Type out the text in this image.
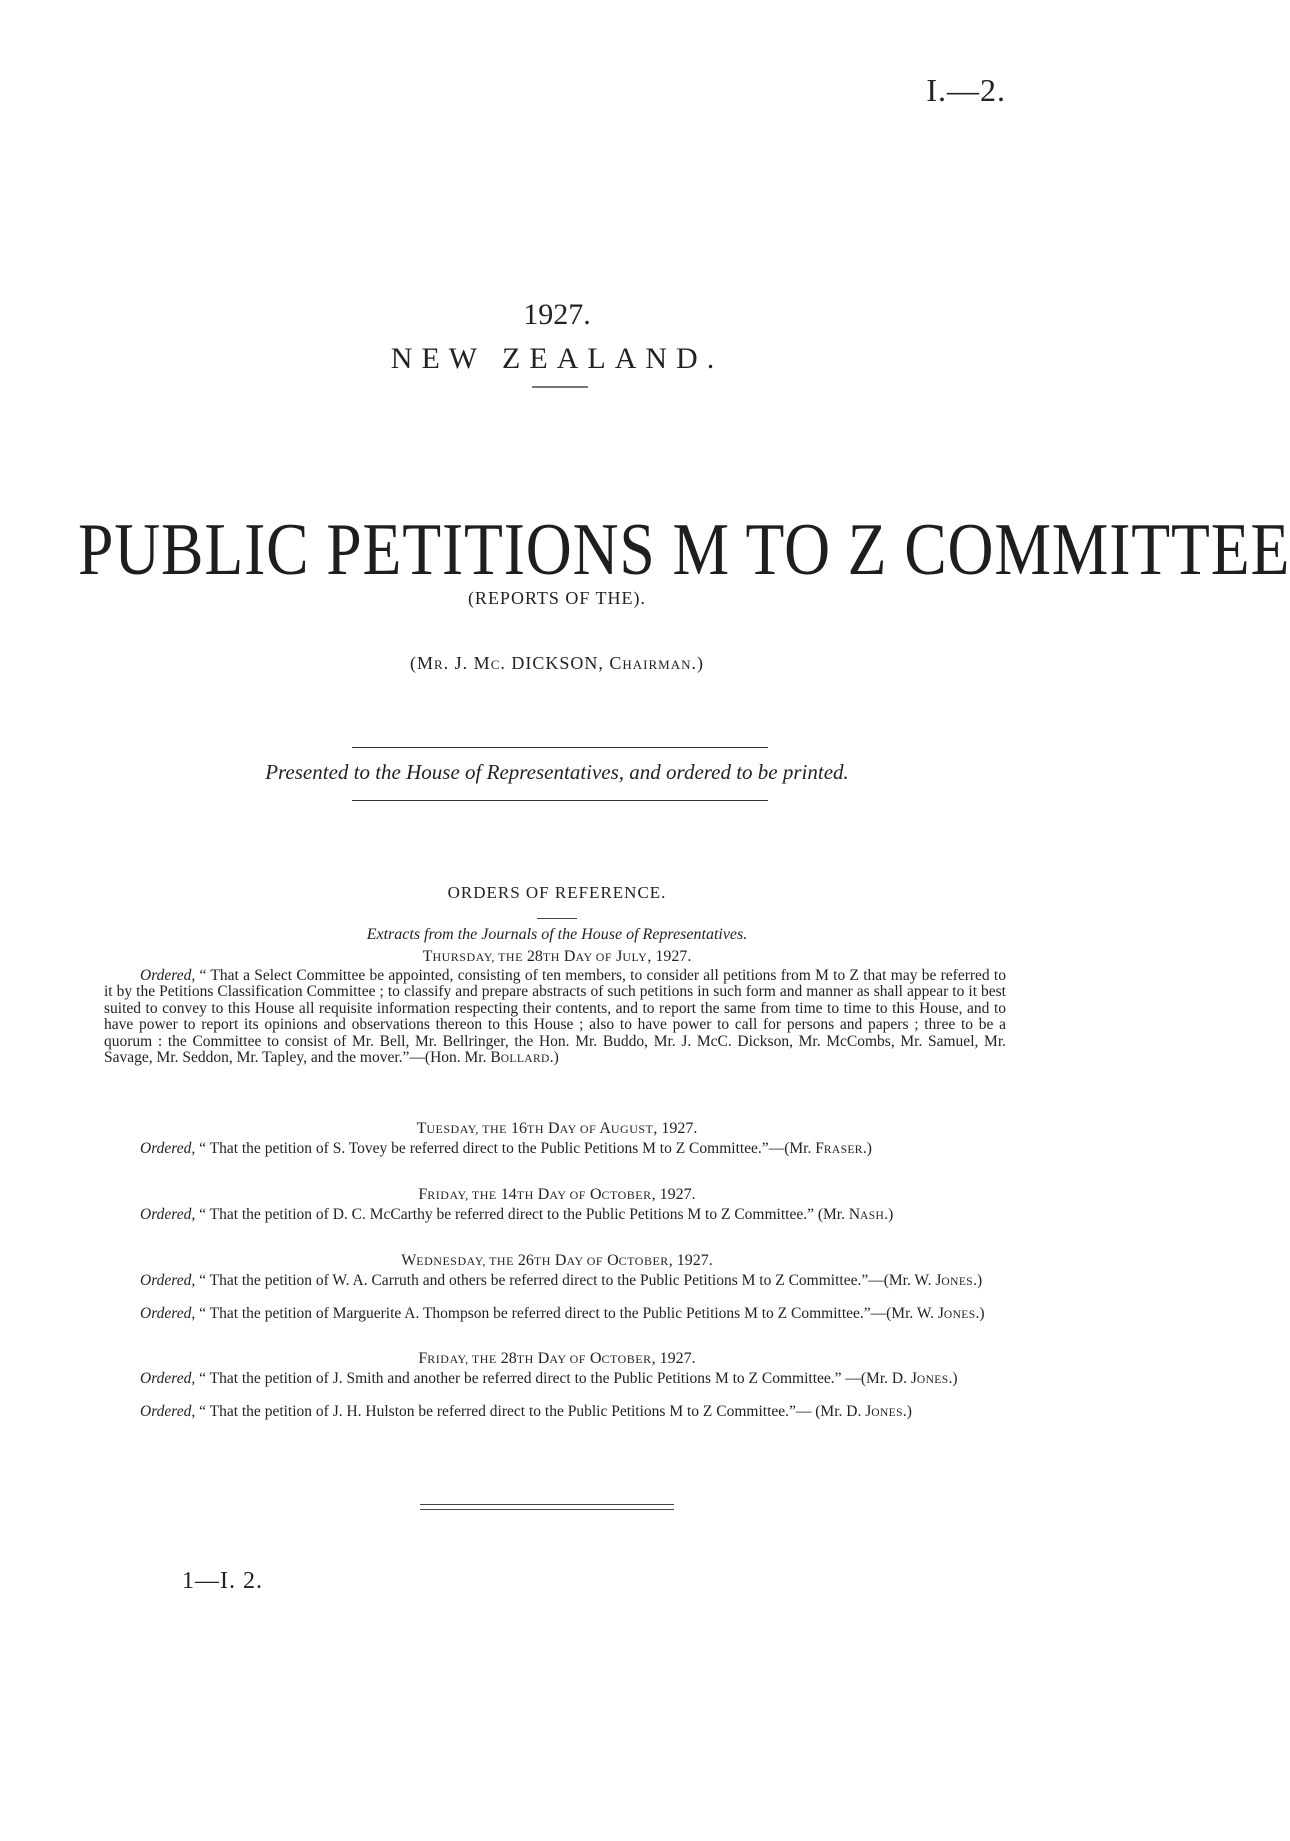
I.—2.
1927.
NEW ZEALAND.
PUBLIC PETITIONS M TO Z COMMITTEE
(REPORTS OF THE).
(MR. J. MC. DICKSON, CHAIRMAN.)
Presented to the House of Representatives, and ordered to be printed.
ORDERS OF REFERENCE.
Extracts from the Journals of the House of Representatives.
THURSDAY, THE 28TH DAY OF JULY, 1927.
Ordered, “ That a Select Committee be appointed, consisting of ten members, to consider all petitions from M to Z that may be referred to it by the Petitions Classification Committee ; to classify and prepare abstracts of such petitions in such form and manner as shall appear to it best suited to convey to this House all requisite information respecting their contents, and to report the same from time to time to this House, and to have power to report its opinions and observations thereon to this House ; also to have power to call for persons and papers ; three to be a quorum : the Committee to consist of Mr. Bell, Mr. Bellringer, the Hon. Mr. Buddo, Mr. J. McC. Dickson, Mr. McCombs, Mr. Samuel, Mr. Savage, Mr. Seddon, Mr. Tapley, and the mover.”—(Hon. Mr. BOLLARD.)
TUESDAY, THE 16TH DAY OF AUGUST, 1927.
Ordered, “ That the petition of S. Tovey be referred direct to the Public Petitions M to Z Committee.”—(Mr. FRASER.)
FRIDAY, THE 14TH DAY OF OCTOBER, 1927.
Ordered, “ That the petition of D. C. McCarthy be referred direct to the Public Petitions M to Z Committee.” (Mr. NASH.)
WEDNESDAY, THE 26TH DAY OF OCTOBER, 1927.
Ordered, “ That the petition of W. A. Carruth and others be referred direct to the Public Petitions M to Z Committee.”—(Mr. W. JONES.)
Ordered, “ That the petition of Marguerite A. Thompson be referred direct to the Public Petitions M to Z Committee.”—(Mr. W. JONES.)
FRIDAY, THE 28TH DAY OF OCTOBER, 1927.
Ordered, “ That the petition of J. Smith and another be referred direct to the Public Petitions M to Z Committee.” —(Mr. D. JONES.)
Ordered, “ That the petition of J. H. Hulston be referred direct to the Public Petitions M to Z Committee.”— (Mr. D. JONES.)
1—I. 2.
